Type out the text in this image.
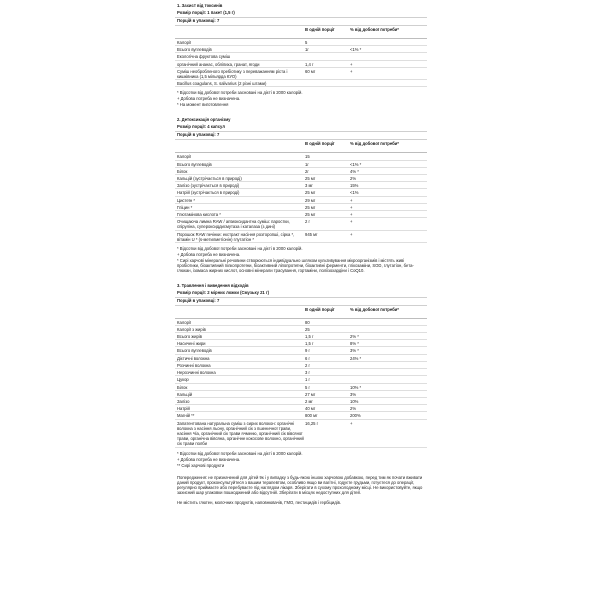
1. Захист від токсинів
Розмір порції: 1 пакет (1,5 г)
Порцій в упаковці: 7
В одній порції	% від добової потреби*
Калорії	5
Всього вуглеводів	1г	<1% *
Екологічна фруктова суміш
органічний ананас, обліпиха, гранат, ягоди	1,4 г	+
Суміш необробленого пребіотику з переважанням ріста і кишківника (1,5 мільярда КУО)
60 мг	+
Bacillus coagulans, S. salivarius (2 різні штами)
* Відсотки від добової потреби засновані на дієті в 2000 калорій.
+ Добова потреба не визначена.
* На момент виготовлення
2. Детоксикація організму
Розмір порції: 4 капсул
Порцій в упаковці: 7
В одній порції	% від добової потреби*
Калорії	15
Всього вуглеводів	1г	<1% *
Білок	2г	4% *
Кальцій (зустрічається в природі)	25 мг	2%
Залізо (зустрічається в природі)	3 мг	15%
Натрій (зустрічається в природі)	25 мг	<1%
Цистеїн *	29 мг	+
Гліцин *	25 мг	+
Глютамінова кислота *	25 мг	+
Очищаюча лимна RAW / antиоксидантна суміш: паростки, спіруліна, супероксиддисмутаза і каталаза (з дині)
2 г	+
Порошок RAW печінки: екстракт насіння розторопші, сірка *, вітамін U * (s-метилметіонін) глутатіон *
945 мг	+
* Відсотки від добової потреби засновані на дієті в 2000 калорій.
+ Добова потреба не визначена.
* Сирі харчові мінеральні речовини створюються індивідуально шляхом культивування мікроорганізмів і містять живі пробіотики, біоактивний пілкопротеїни, біоактивний ліпопротеїни, біоактивні ферменти, глікозаміни, SOD, глутатіон, бета-глюкан, ізомаса жирних кислот, основні мінерали трасування, гортаміни, поліізохардіни і CoQ10.
3. Травлення і виведення відходів
Розмір порції: 2 мірних ложки (Смузьку 21 г)
Порцій в упаковці: 7
В одній порції	% від добової потреби*
Калорії	80
Калорії з жирів	25
Всього жирів	1,5 г	2% *
Насичені жири	1,5 г	8% *
Всього вуглеводів	9 г	3% *
Дієтичні волокна	6 г	24% *
Розчинні волокна	2 г
Нерозчинні волокна	3 г
Цукор	1 г
Білок	5 г	10% *
Кальцій	27 мг	3%
Залізо	2 мг	10%
Натрій	40 мг	2%
Магній **	800 мг	200%
Запатентована натуральна суміш з сирих волокон: органічні волокна з насіння льону, органічний сік з пшеничної трави, насіння Чіа, органічний сік трави ячменю, органічний сік вівсяної трави, органічна вівсяна, органічне кокосове волокно, органічний сік трави полби
16,25 г	+
* Відсотки від добової потреби засновані на дієті в 2000 калорій.
+ Добова потреба не визначена.
** Сирі харчові продукти
Попередження: не призначений для дітей 9к і у випадку з будь-якою іншою харчовою добавкою, перед тим як почати вживати даний продукт, проконсультуйтеся з вашим терапевтом, особливо якщо ви вагітні, годуєте грудьми, готуєтеся до операції, регулярно приймаєте або перебуваєте під наглядом лікаря. Зберігати в сухому прохолодному місці. Не використовуйте, якщо захисний шар упаковки пошкоджений або відсутній. Зберігати в місцях недоступних для дітей.
Не містить глютен, молочних продуктів, наповнювачів, ГМО, пестицидів і гербіцидів.
